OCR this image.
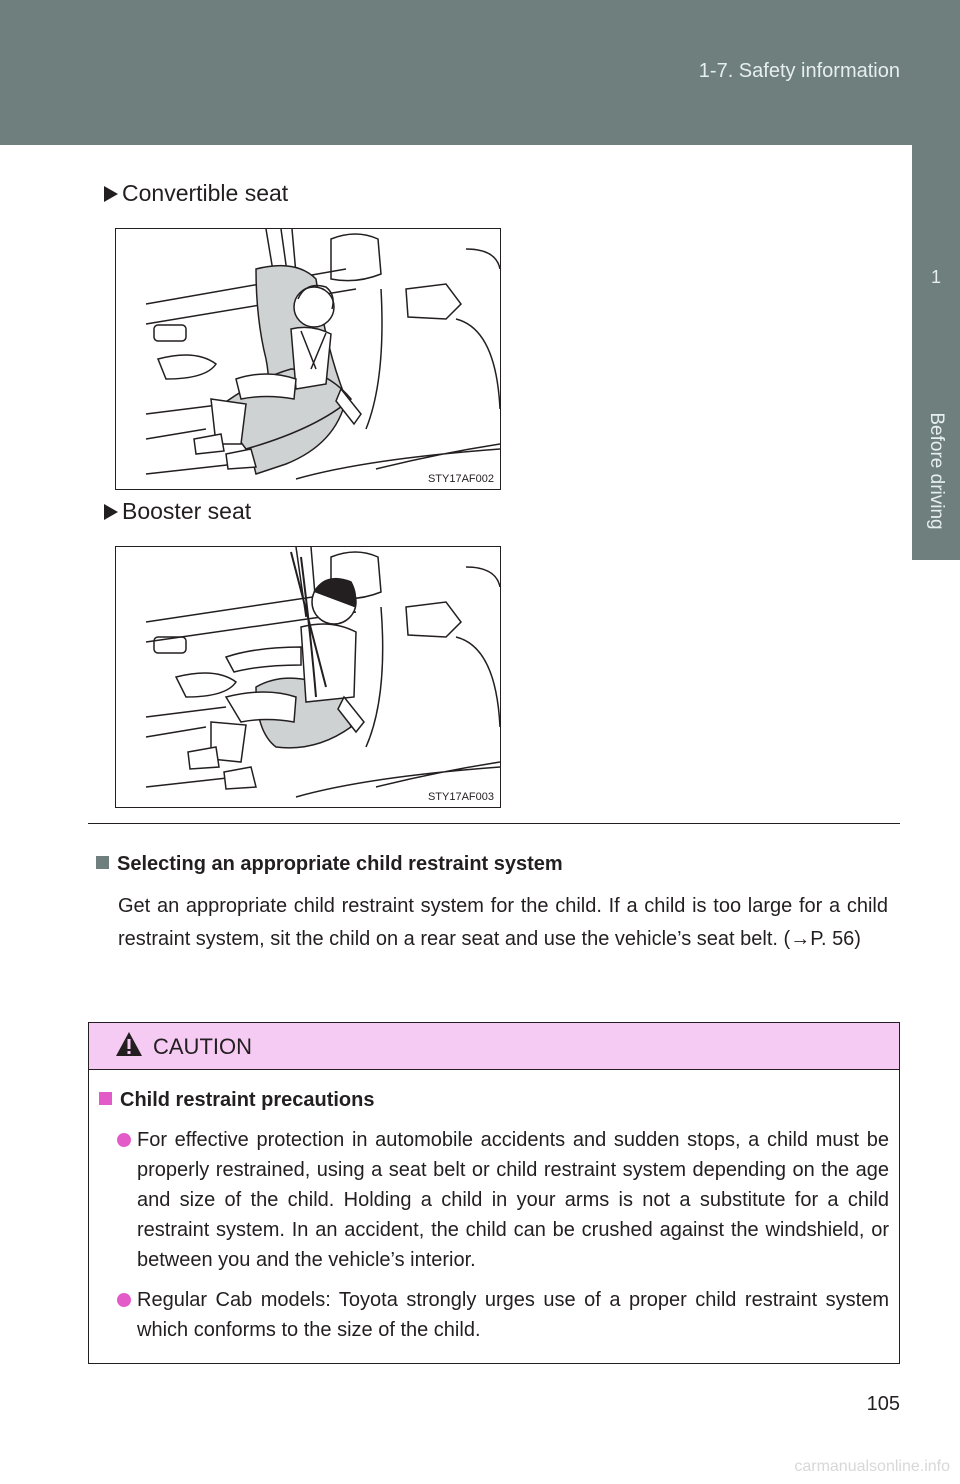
1-7. Safety information
1
Before driving
Convertible seat
STY17AF002
Booster seat
STY17AF003
Selecting an appropriate child restraint system
Get an appropriate child restraint system for the child. If a child is too large for a child restraint system, sit the child on a rear seat and use the vehicle’s seat belt. (→P. 56)
CAUTION
Child restraint precautions
For effective protection in automobile accidents and sudden stops, a child must be properly restrained, using a seat belt or child restraint system depending on the age and size of the child. Holding a child in your arms is not a substitute for a child restraint system. In an accident, the child can be crushed against the windshield, or between you and the vehicle’s interior.
Regular Cab models: Toyota strongly urges use of a proper child restraint system which conforms to the size of the child.
105
carmanualsonline.info
